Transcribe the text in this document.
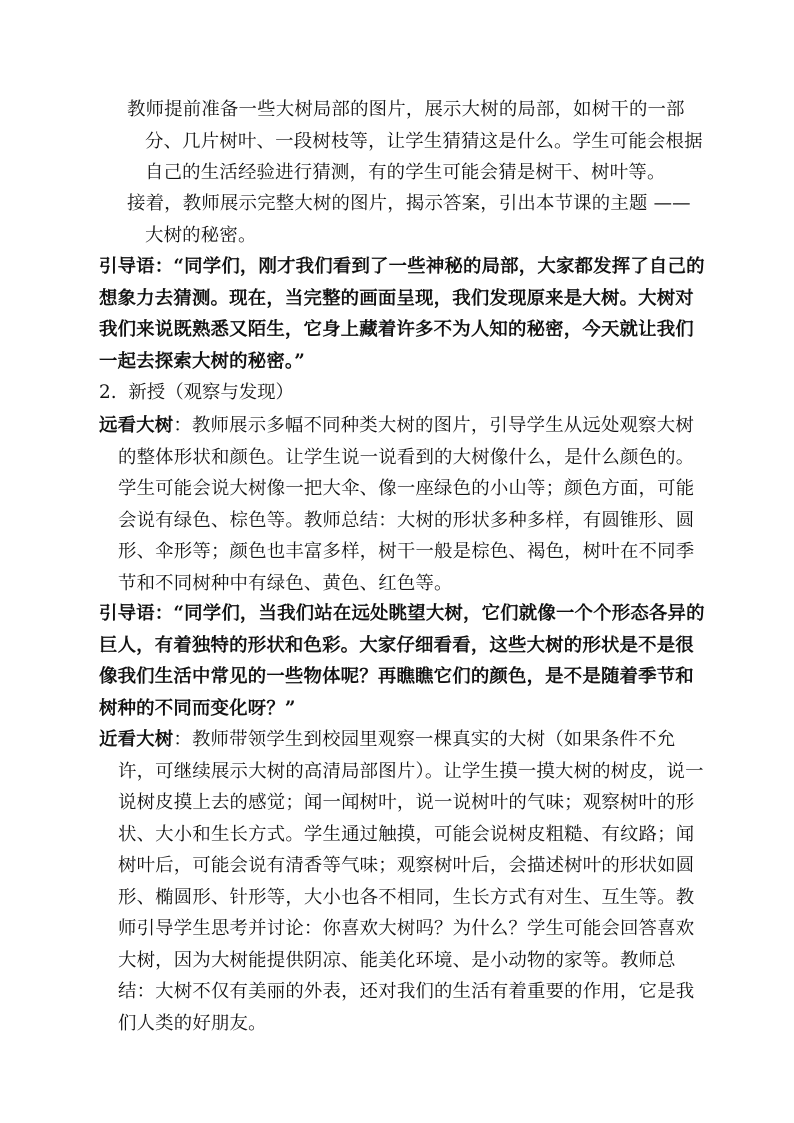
教师提前准备一些大树局部的图片，展示大树的局部，如树干的一部分、几片树叶、一段树枝等，让学生猜猜这是什么。学生可能会根据自己的生活经验进行猜测，有的学生可能会猜是树干、树叶等。
接着，教师展示完整大树的图片，揭示答案，引出本节课的主题 —— 大树的秘密。
引导语：“同学们，刚才我们看到了一些神秘的局部，大家都发挥了自己的想象力去猜测。现在，当完整的画面呈现，我们发现原来是大树。大树对我们来说既熟悉又陌生，它身上藏着许多不为人知的秘密，今天就让我们一起去探索大树的秘密。”
2. 新授（观察与发现）
远看大树：教师展示多幅不同种类大树的图片，引导学生从远处观察大树的整体形状和颜色。让学生说一说看到的大树像什么，是什么颜色的。学生可能会说大树像一把大伞、像一座绿色的小山等；颜色方面，可能会说有绿色、棕色等。教师总结：大树的形状多种多样，有圆锥形、圆形、伞形等；颜色也丰富多样，树干一般是棕色、褐色，树叶在不同季节和不同树种中有绿色、黄色、红色等。
引导语：“同学们，当我们站在远处眺望大树，它们就像一个个形态各异的巨人，有着独特的形状和色彩。大家仔细看看，这些大树的形状是不是很像我们生活中常见的一些物体呢？再瞧瞧它们的颜色，是不是随着季节和树种的不同而变化呀？”
近看大树：教师带领学生到校园里观察一棵真实的大树（如果条件不允许，可继续展示大树的高清局部图片）。让学生摸一摸大树的树皮，说一说树皮摸上去的感觉；闻一闻树叶，说一说树叶的气味；观察树叶的形状、大小和生长方式。学生通过触摸，可能会说树皮粗糙、有纹路；闻树叶后，可能会说有清香等气味；观察树叶后，会描述树叶的形状如圆形、椭圆形、针形等，大小也各不相同，生长方式有对生、互生等。教师引导学生思考并讨论：你喜欢大树吗？为什么？学生可能会回答喜欢大树，因为大树能提供阴凉、能美化环境、是小动物的家等。教师总结：大树不仅有美丽的外表，还对我们的生活有着重要的作用，它是我们人类的好朋友。
